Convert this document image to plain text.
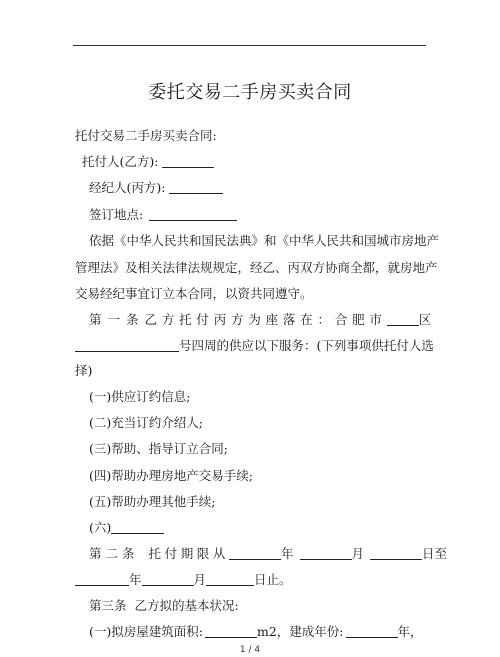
委托交易二手房买卖合同
托付交易二手房买卖合同:
托付人(乙方):
经纪人(丙方):
签订地点:
依据《中华人民共和国民法典》和《中华人民共和国城市房地产
管理法》及相关法律法规规定，经乙、丙双方协商全都，就房地产
交易经纪事宜订立本合同，以资共同遵守。
第一条 乙方托付丙方为座落在：合肥市	区
号四周的供应以下服务：(下列事项供托付人选
择)
(一)供应订约信息;
(二)充当订约介绍人;
(三)帮助、指导订立合同;
(四)帮助办理房地产交易手续;
(五)帮助办理其他手续;
(六)
第二条 托付期限从	年	月	日至
年	月	日止。
第三条  乙方拟的基本状况:
(一)拟房屋建筑面积:	m2，建成年份:	年，
1 / 4
